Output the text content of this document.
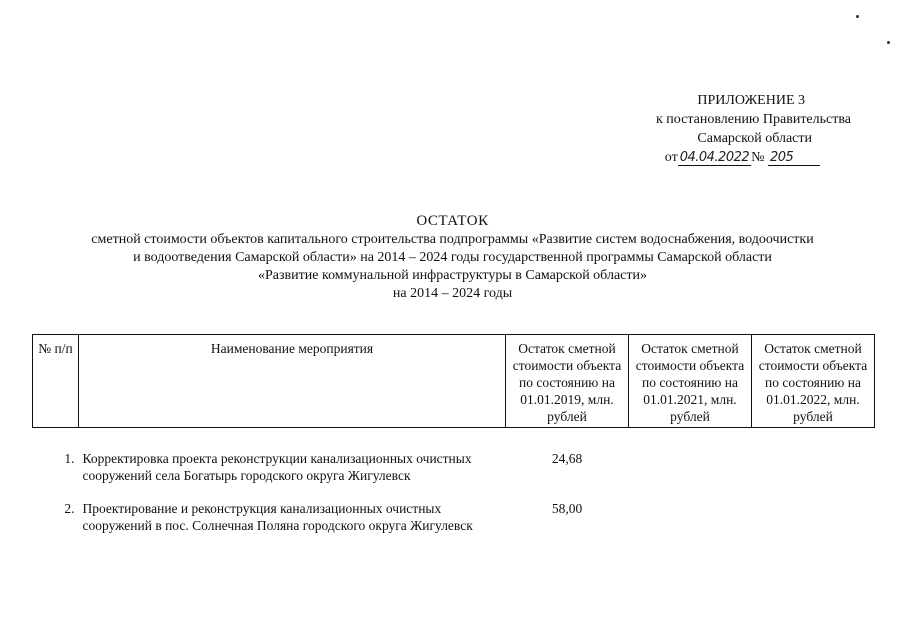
ПРИЛОЖЕНИЕ 3
к постановлению Правительства
Самарской области
от 04.04.2022 № 205
ОСТАТОК
сметной стоимости объектов капитального строительства подпрограммы «Развитие систем водоснабжения, водоочистки
и водоотведения Самарской области» на 2014 – 2024 годы государственной программы Самарской области
«Развитие коммунальной инфраструктуры в Самарской области»
на 2014 – 2024 годы
№ п/п	Наименование мероприятия	Остаток сметной стоимости объекта по состоянию на 01.01.2019, млн. рублей	Остаток сметной стоимости объекта по состоянию на 01.01.2021, млн. рублей	Остаток сметной стоимости объекта по состоянию на 01.01.2022, млн. рублей

1.	Корректировка проекта реконструкции канализационных очистных сооружений села Богатырь городского округа Жигулевск	24,68		

2.	Проектирование и реконструкция канализационных очистных сооружений в пос. Солнечная Поляна городского округа Жигулевск	58,00		
